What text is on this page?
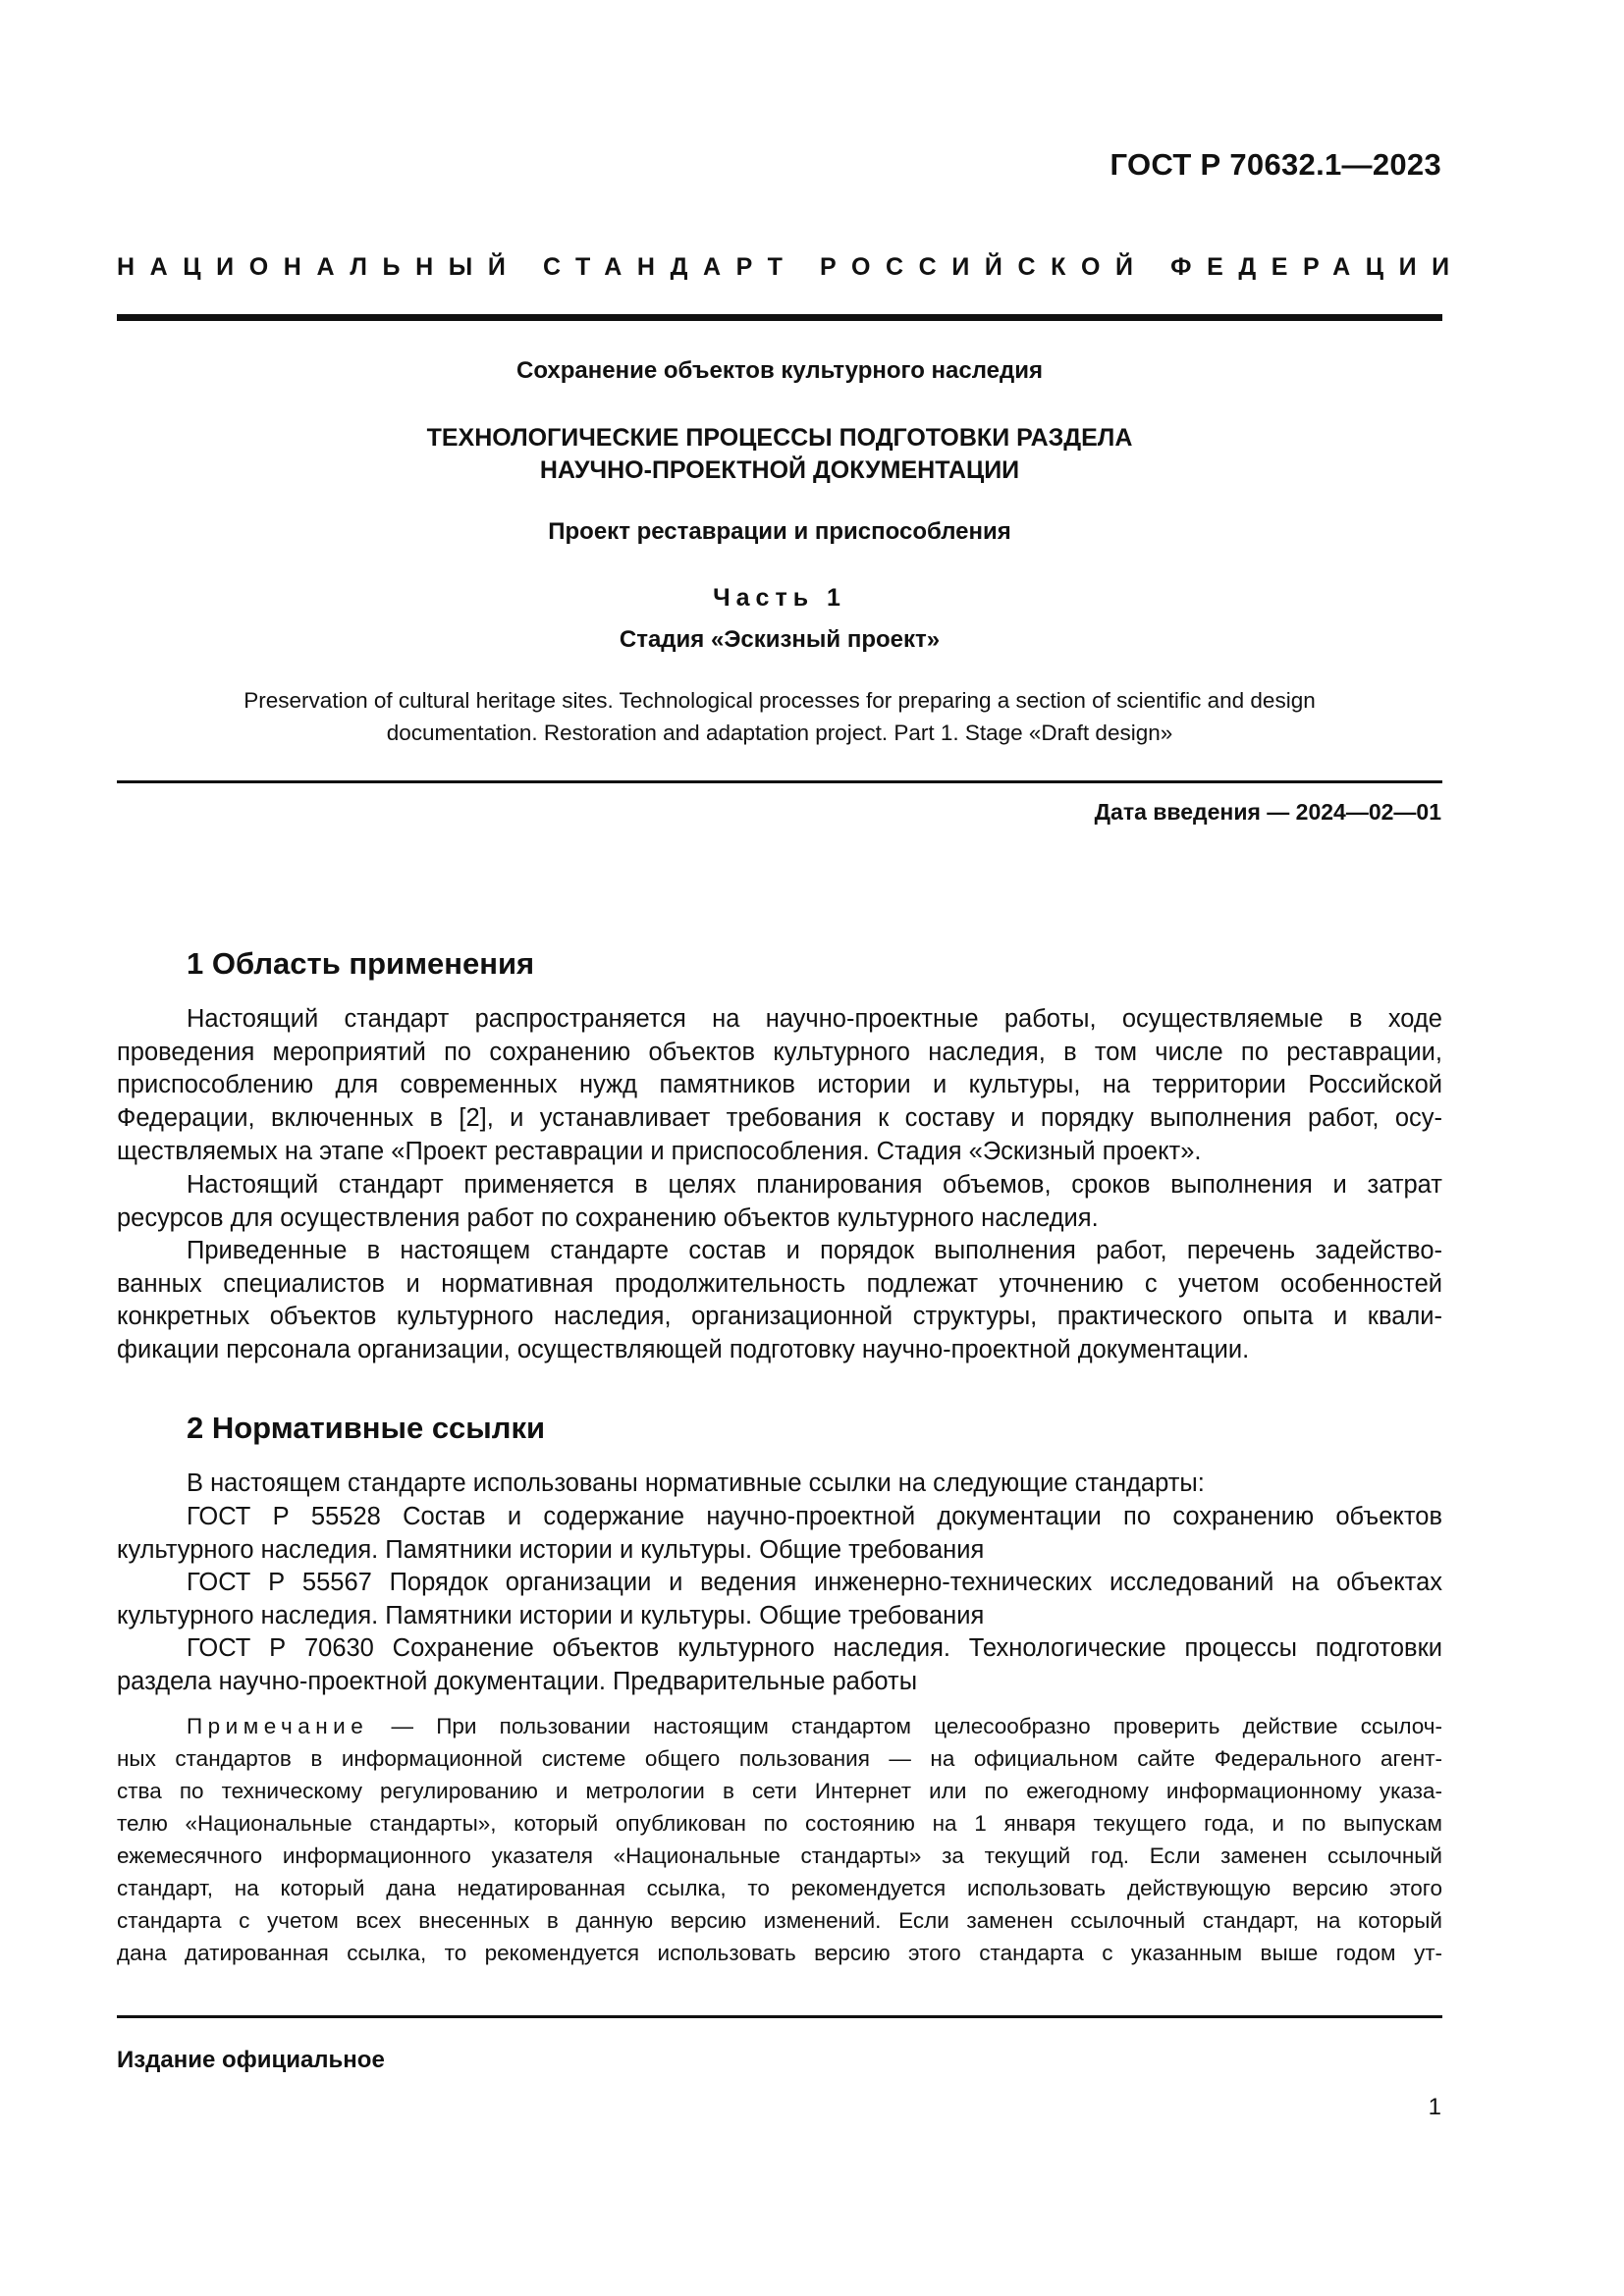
ГОСТ Р 70632.1—2023
НАЦИОНАЛЬНЫЙ СТАНДАРТ РОССИЙСКОЙ ФЕДЕРАЦИИ
Сохранение объектов культурного наследия
ТЕХНОЛОГИЧЕСКИЕ ПРОЦЕССЫ ПОДГОТОВКИ РАЗДЕЛА
НАУЧНО-ПРОЕКТНОЙ ДОКУМЕНТАЦИИ
Проект реставрации и приспособления
Часть 1
Стадия «Эскизный проект»
Preservation of cultural heritage sites. Technological processes for preparing a section of scientific and design
documentation. Restoration and adaptation project. Part 1. Stage «Draft design»
Дата введения — 2024—02—01
1 Область применения
Настоящий стандарт распространяется на научно-проектные работы, осуществляемые в ходе
проведения мероприятий по сохранению объектов культурного наследия, в том числе по реставрации,
приспособлению для современных нужд памятников истории и культуры, на территории Российской
Федерации, включенных в [2], и устанавливает требования к составу и порядку выполнения работ, осу-
ществляемых на этапе «Проект реставрации и приспособления. Стадия «Эскизный проект».
Настоящий стандарт применяется в целях планирования объемов, сроков выполнения и затрат
ресурсов для осуществления работ по сохранению объектов культурного наследия.
Приведенные в настоящем стандарте состав и порядок выполнения работ, перечень задейство-
ванных специалистов и нормативная продолжительность подлежат уточнению с учетом особенностей
конкретных объектов культурного наследия, организационной структуры, практического опыта и квали-
фикации персонала организации, осуществляющей подготовку научно-проектной документации.
2 Нормативные ссылки
В настоящем стандарте использованы нормативные ссылки на следующие стандарты:
ГОСТ Р 55528 Состав и содержание научно-проектной документации по сохранению объектов
культурного наследия. Памятники истории и культуры. Общие требования
ГОСТ Р 55567 Порядок организации и ведения инженерно-технических исследований на объектах
культурного наследия. Памятники истории и культуры. Общие требования
ГОСТ Р 70630 Сохранение объектов культурного наследия. Технологические процессы подготовки
раздела научно-проектной документации. Предварительные работы
Примечание — При пользовании настоящим стандартом целесообразно проверить действие ссылоч-
ных стандартов в информационной системе общего пользования — на официальном сайте Федерального агент-
ства по техническому регулированию и метрологии в сети Интернет или по ежегодному информационному указа-
телю «Национальные стандарты», который опубликован по состоянию на 1 января текущего года, и по выпускам
ежемесячного информационного указателя «Национальные стандарты» за текущий год. Если заменен ссылочный
стандарт, на который дана недатированная ссылка, то рекомендуется использовать действующую версию этого
стандарта с учетом всех внесенных в данную версию изменений. Если заменен ссылочный стандарт, на который
дана датированная ссылка, то рекомендуется использовать версию этого стандарта с указанным выше годом ут-
Издание официальное
1
